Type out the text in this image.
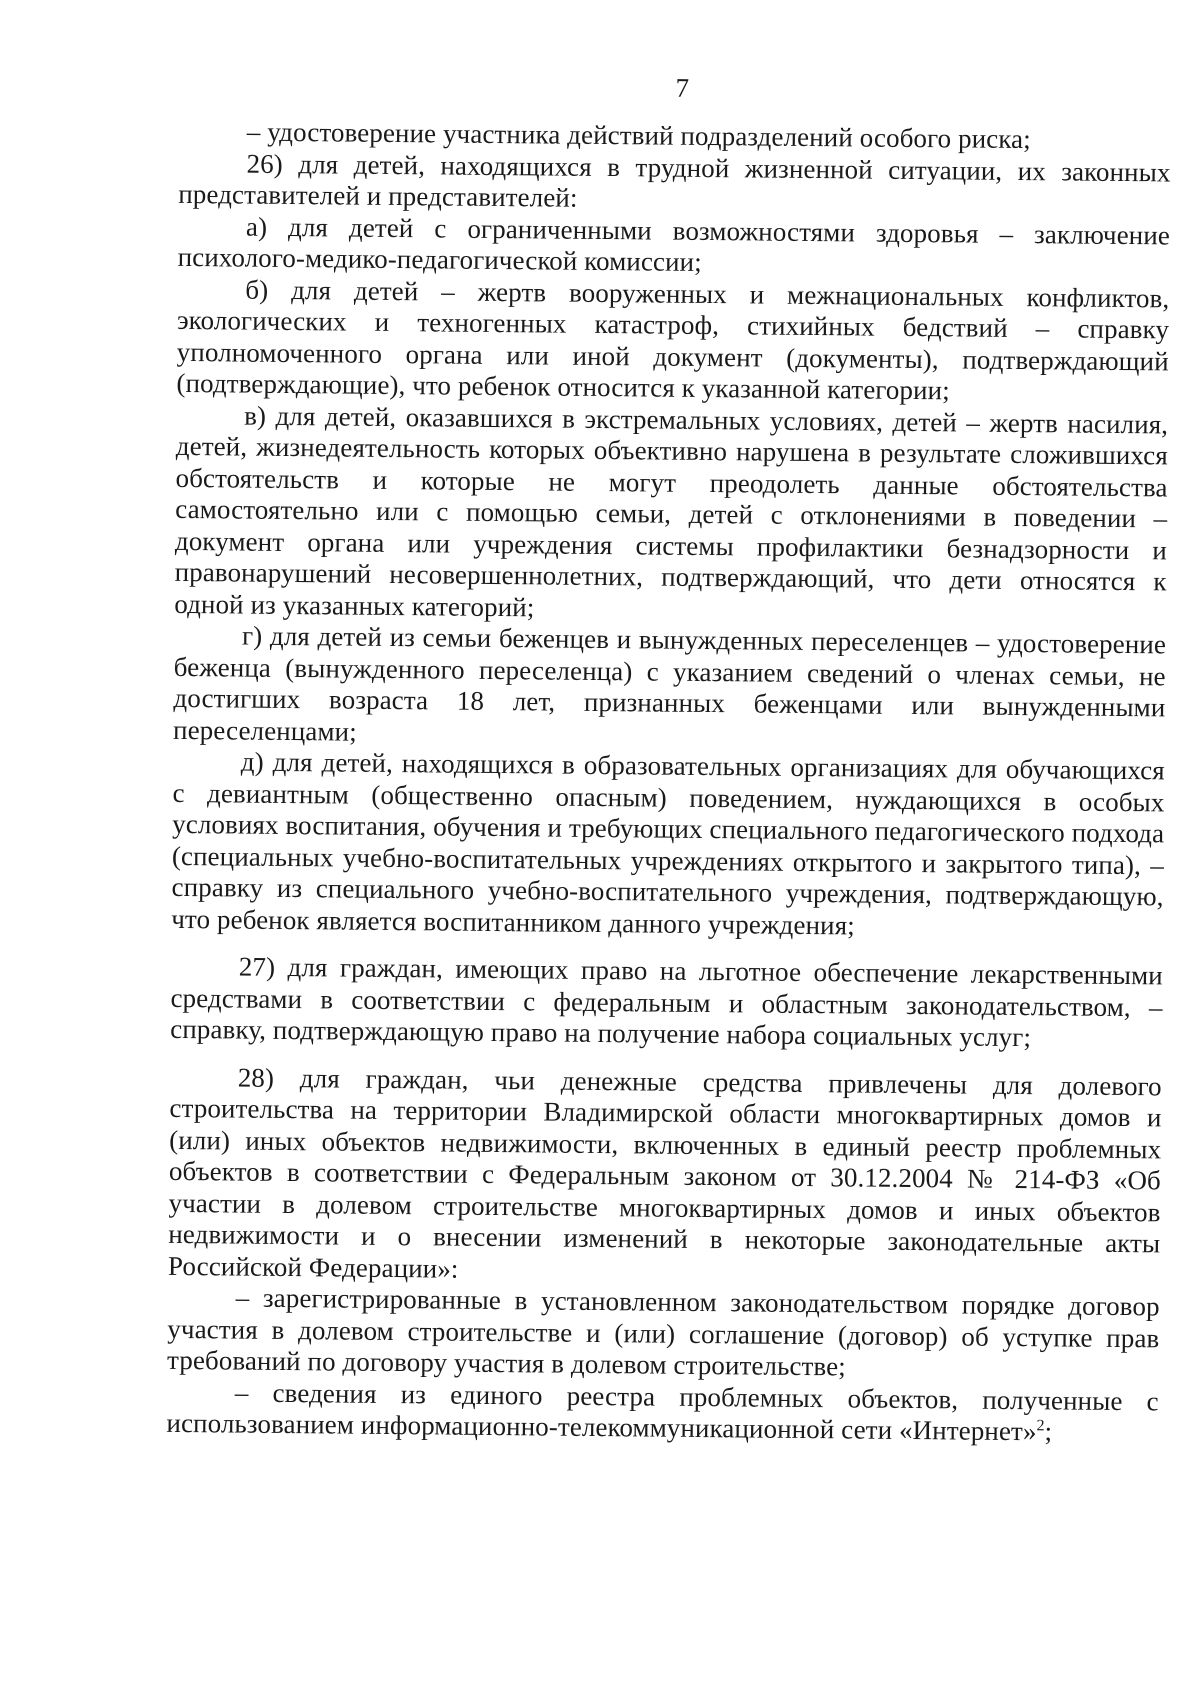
7

– удостоверение участника действий подразделений особого риска;

26) для детей, находящихся в трудной жизненной ситуации, их законных представителей и представителей:

а) для детей с ограниченными возможностями здоровья – заключение психолого-медико-педагогической комиссии;

б) для детей – жертв вооруженных и межнациональных конфликтов, экологических и техногенных катастроф, стихийных бедствий – справку уполномоченного органа или иной документ (документы), подтверждающий (подтверждающие), что ребенок относится к указанной категории;

в) для детей, оказавшихся в экстремальных условиях, детей – жертв насилия, детей, жизнедеятельность которых объективно нарушена в результате сложившихся обстоятельств и которые не могут преодолеть данные обстоятельства самостоятельно или с помощью семьи, детей с отклонениями в поведении – документ органа или учреждения системы профилактики безнадзорности и правонарушений несовершеннолетних, подтверждающий, что дети относятся к одной из указанных категорий;

г) для детей из семьи беженцев и вынужденных переселенцев – удостоверение беженца (вынужденного переселенца) с указанием сведений о членах семьи, не достигших возраста 18 лет, признанных беженцами или вынужденными переселенцами;

д) для детей, находящихся в образовательных организациях для обучающихся с девиантным (общественно опасным) поведением, нуждающихся в особых условиях воспитания, обучения и требующих специального педагогического подхода (специальных учебно-воспитательных учреждениях открытого и закрытого типа), – справку из специального учебно-воспитательного учреждения, подтверждающую, что ребенок является воспитанником данного учреждения;

27) для граждан, имеющих право на льготное обеспечение лекарственными средствами в соответствии с федеральным и областным законодательством, – справку, подтверждающую право на получение набора социальных услуг;

28) для граждан, чьи денежные средства привлечены для долевого строительства на территории Владимирской области многоквартирных домов и (или) иных объектов недвижимости, включенных в единый реестр проблемных объектов в соответствии с Федеральным законом от 30.12.2004 № 214-ФЗ «Об участии в долевом строительстве многоквартирных домов и иных объектов недвижимости и о внесении изменений в некоторые законодательные акты Российской Федерации»:

– зарегистрированные в установленном законодательством порядке договор участия в долевом строительстве и (или) соглашение (договор) об уступке прав требований по договору участия в долевом строительстве;

– сведения из единого реестра проблемных объектов, полученные с использованием информационно-телекоммуникационной сети «Интернет»$^2$;
